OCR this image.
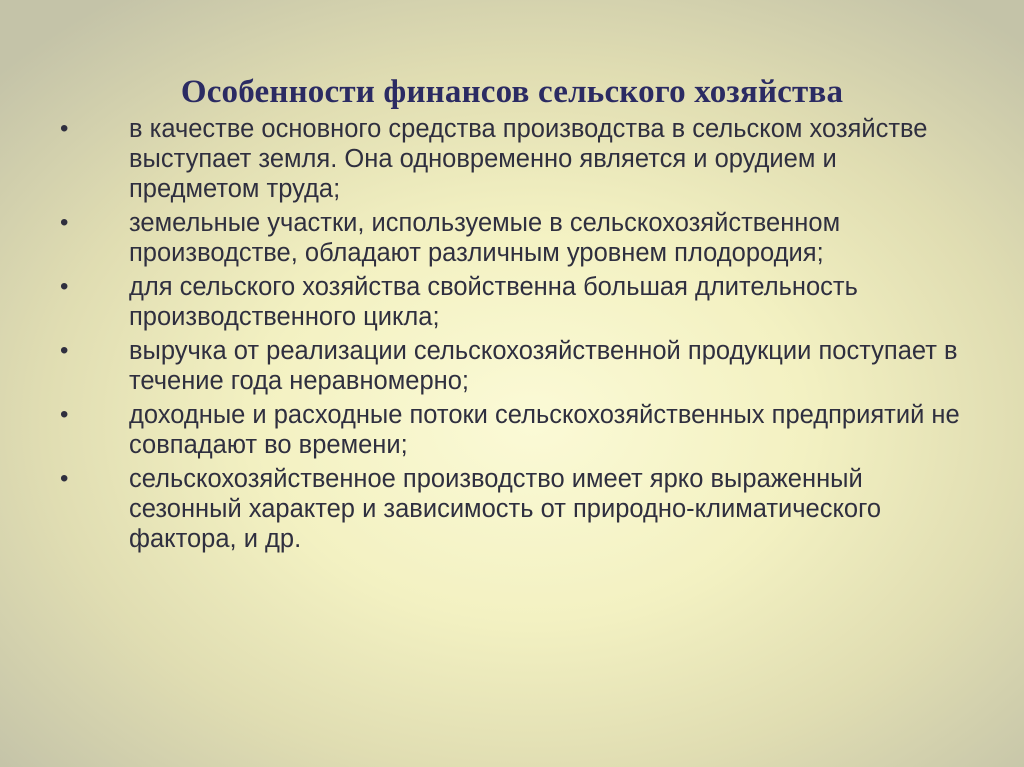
Особенности финансов сельского хозяйства
•	в качестве основного средства производства в сельском хозяйстве выступает земля. Она одновременно является и орудием и предметом труда;
•	земельные участки, используемые в сельскохозяйственном производстве, обладают различным уровнем плодородия;
•	для сельского хозяйства свойственна большая длительность производственного цикла;
•	выручка от реализации сельскохозяйственной продукции поступает в течение года неравномерно;
•	доходные и расходные потоки сельскохозяйственных предприятий не совпадают во времени;
•	сельскохозяйственное производство имеет ярко выраженный сезонный характер и зависимость от природно-климатического фактора, и др.
